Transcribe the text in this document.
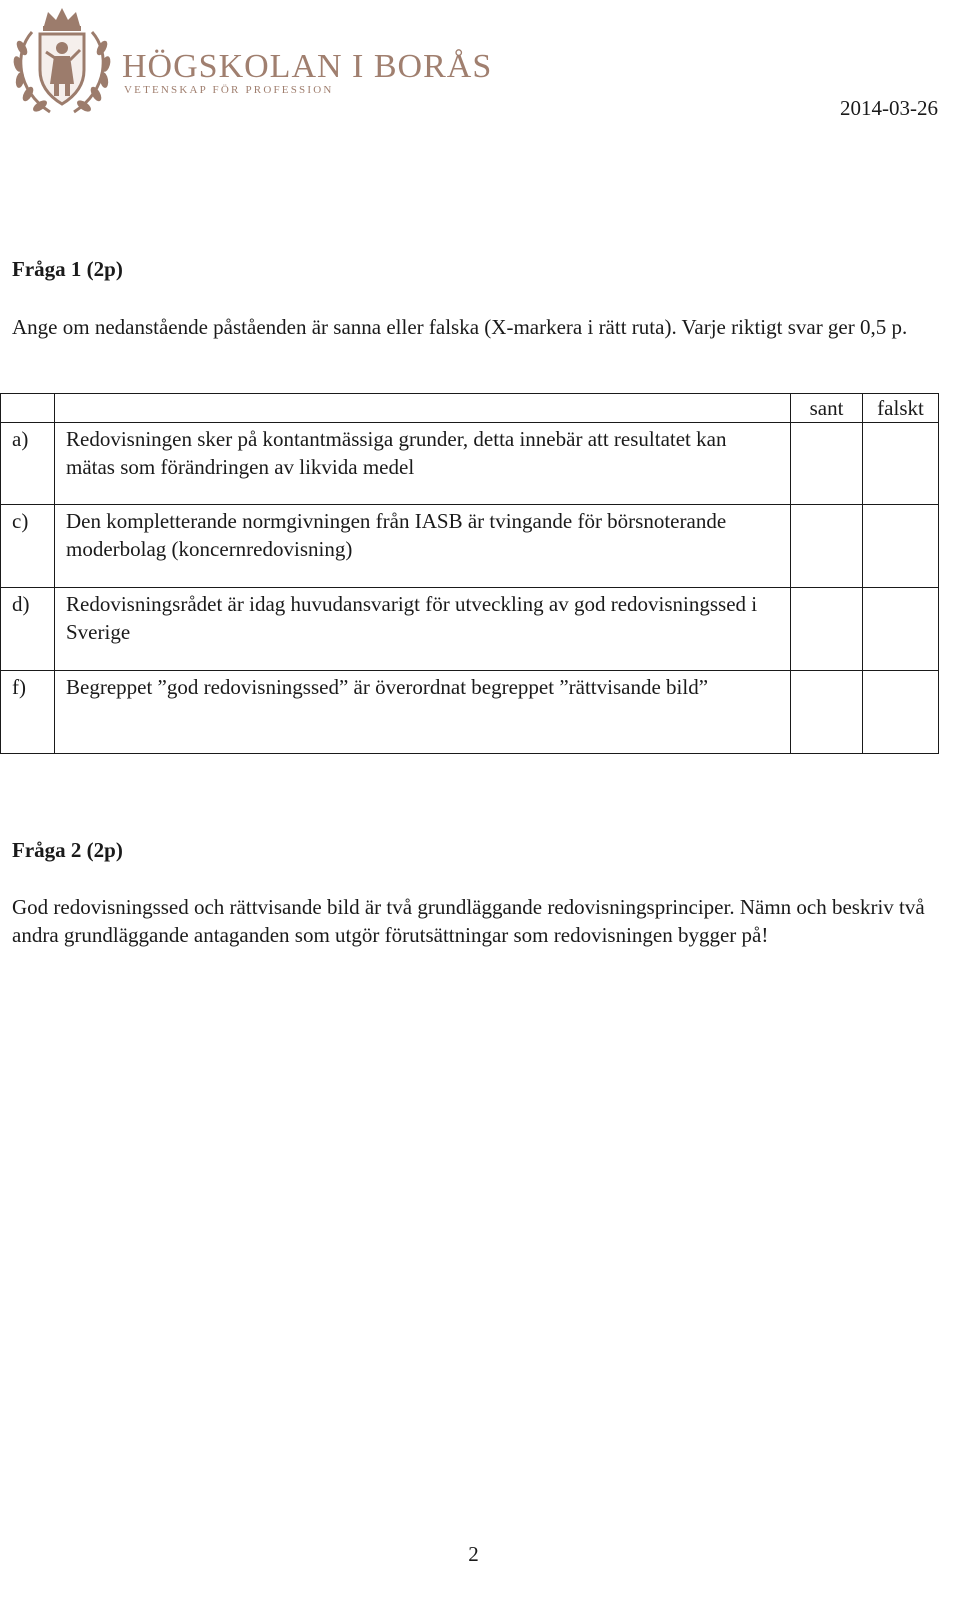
HÖGSKOLAN I BORÅS
VETENSKAP FÖR PROFESSION
2014-03-26
Fråga 1 (2p)
Ange om nedanstående påståenden är sanna eller falska (X-markera i rätt ruta). Varje riktigt svar ger 0,5 p.
		sant	falskt
a)	Redovisningen sker på kontantmässiga grunder, detta innebär att resultatet kan mätas som förändringen av likvida medel		
c)	Den kompletterande normgivningen från IASB är tvingande för börsnoterande moderbolag (koncernredovisning)		
d)	Redovisningsrådet är idag huvudansvarigt för utveckling av god redovisningssed i Sverige		
f)	Begreppet ”god redovisningssed” är överordnat begreppet ”rättvisande bild”		
Fråga 2 (2p)
God redovisningssed och rättvisande bild är två grundläggande redovisningsprinciper. Nämn och beskriv två andra grundläggande antaganden som utgör förutsättningar som redovisningen bygger på!
2
